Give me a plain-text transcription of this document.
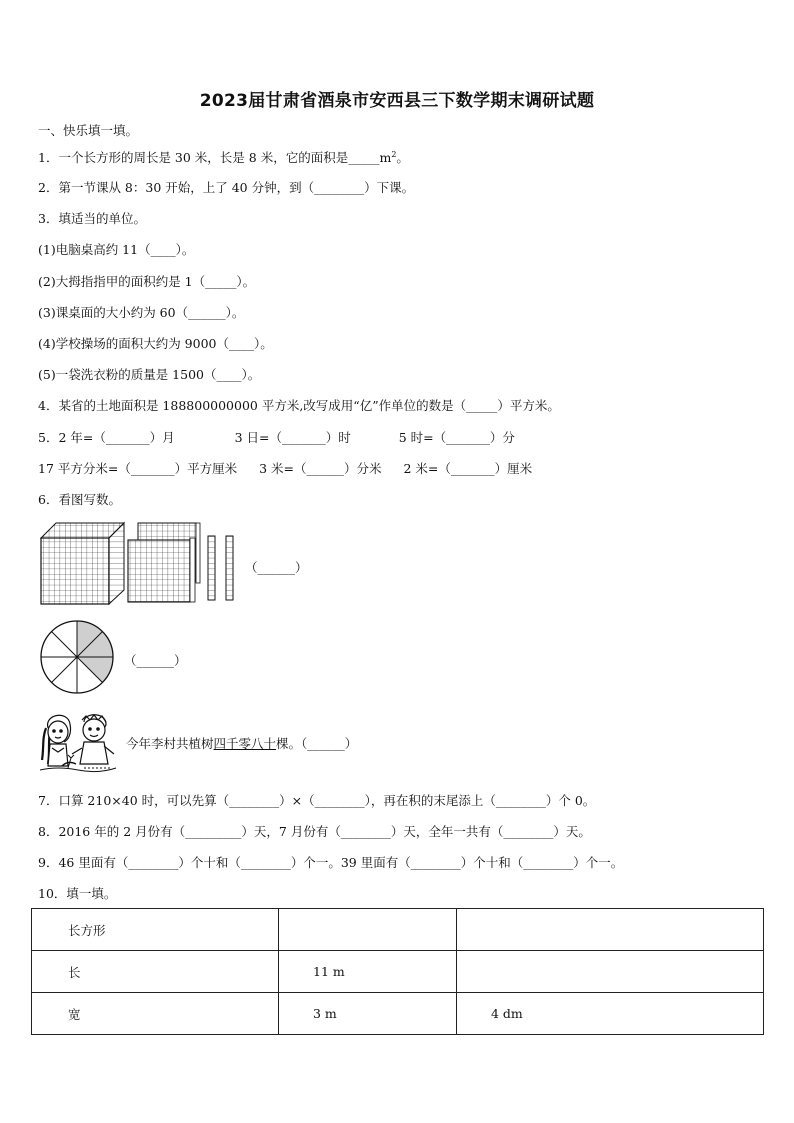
2023届甘肃省酒泉市安西县三下数学期末调研试题
一、快乐填一填。
1．一个长方形的周长是 30 米，长是 8 米，它的面积是$\_\_\_\_\_m^2$。
2．第一节课从 8：30 开始，上了 40 分钟，到（________）下课。
3．填适当的单位。
(1)电脑桌高约 11（____）。
(2)大拇指指甲的面积约是 1（_____）。
(3)课桌面的大小约为 60（______）。
(4)学校操场的面积大约为 9000（____）。
(5)一袋洗衣粉的质量是 1500（____）。
4．某省的土地面积是 188800000000 平方米,改写成用“亿”作单位的数是（_____）平方米。
5．2 年=（_______）月	3 日=（_______）时	5 时=（_______）分
17 平方分米=（_______）平方厘米 3 米=（______）分米 2 米=（_______）厘米
6．看图写数。
（______）
（______）
今年李村共植树四千零八十棵。（______）
7．口算 210×40 时，可以先算（________）×（________），再在积的末尾添上（________）个 0。
8．2016 年的 2 月份有（_________）天，7 月份有（________）天，全年一共有（________）天。
9．46 里面有（________）个十和（________）个一。39 里面有（________）个十和（________）个一。
10．填一填。
长方形		
长	11 m	
宽	3 m	4 dm
